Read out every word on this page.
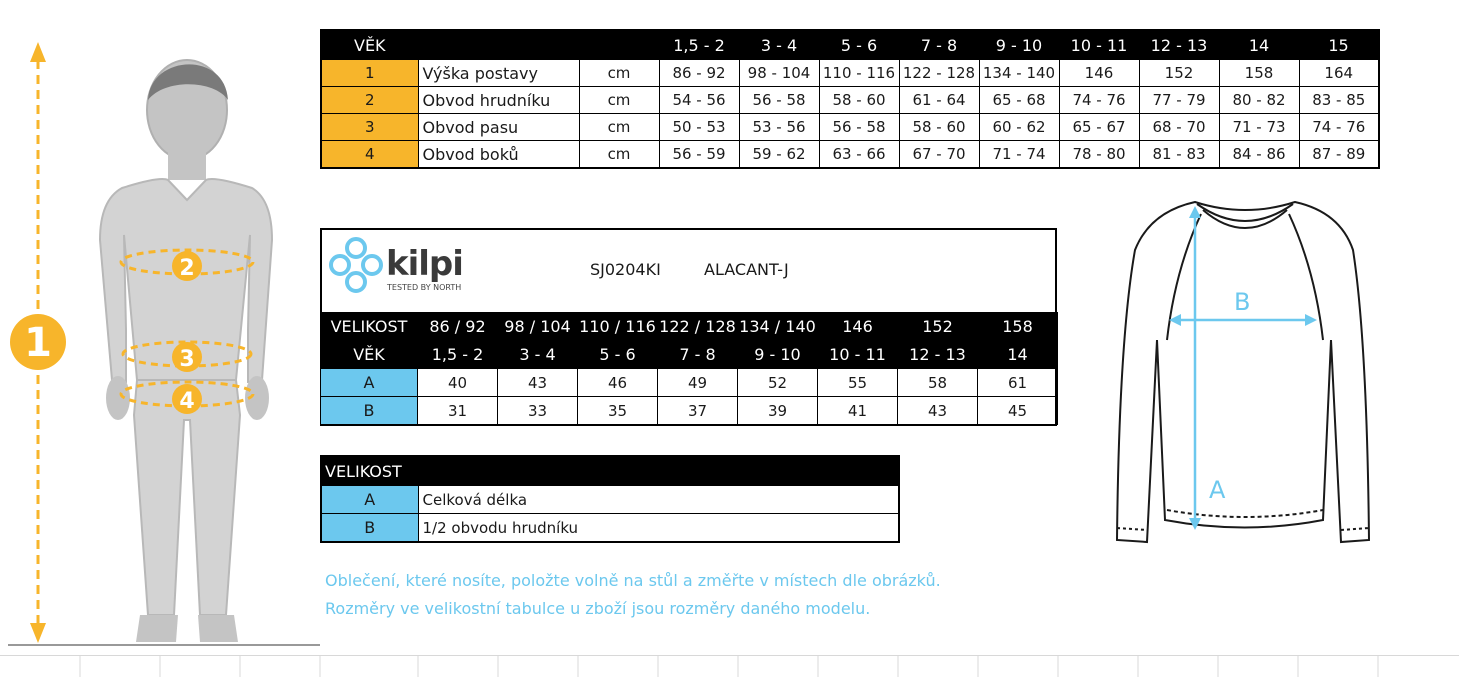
1
2
3
4
VĚK			1,5 - 2	3 - 4	5 - 6	7 - 8	9 - 10	10 - 11	12 - 13	14	15
1	Výška postavy	cm	86 - 92	98 - 104	110 - 116	122 - 128	134 - 140	146	152	158	164
2	Obvod hrudníku	cm	54 - 56	56 - 58	58 - 60	61 - 64	65 - 68	74 - 76	77 - 79	80 - 82	83 - 85
3	Obvod pasu	cm	50 - 53	53 - 56	56 - 58	58 - 60	60 - 62	65 - 67	68 - 70	71 - 73	74 - 76
4	Obvod boků	cm	56 - 59	59 - 62	63 - 66	67 - 70	71 - 74	78 - 80	81 - 83	84 - 86	87 - 89
kilpi
TESTED BY NORTH
SJ0204KI	ALACANT-J
VELIKOST	86 / 92	98 / 104	110 / 116	122 / 128	134 / 140	146	152	158
VĚK	1,5 - 2	3 - 4	5 - 6	7 - 8	9 - 10	10 - 11	12 - 13	14
A	40	43	46	49	52	55	58	61
B	31	33	35	37	39	41	43	45
VELIKOST	
A	Celková délka
B	1/2 obvodu hrudníku
Oblečení, které nosíte, položte volně na stůl a změřte v místech dle obrázků.
Rozměry ve velikostní tabulce u zboží jsou rozměry daného modelu.
B
A
